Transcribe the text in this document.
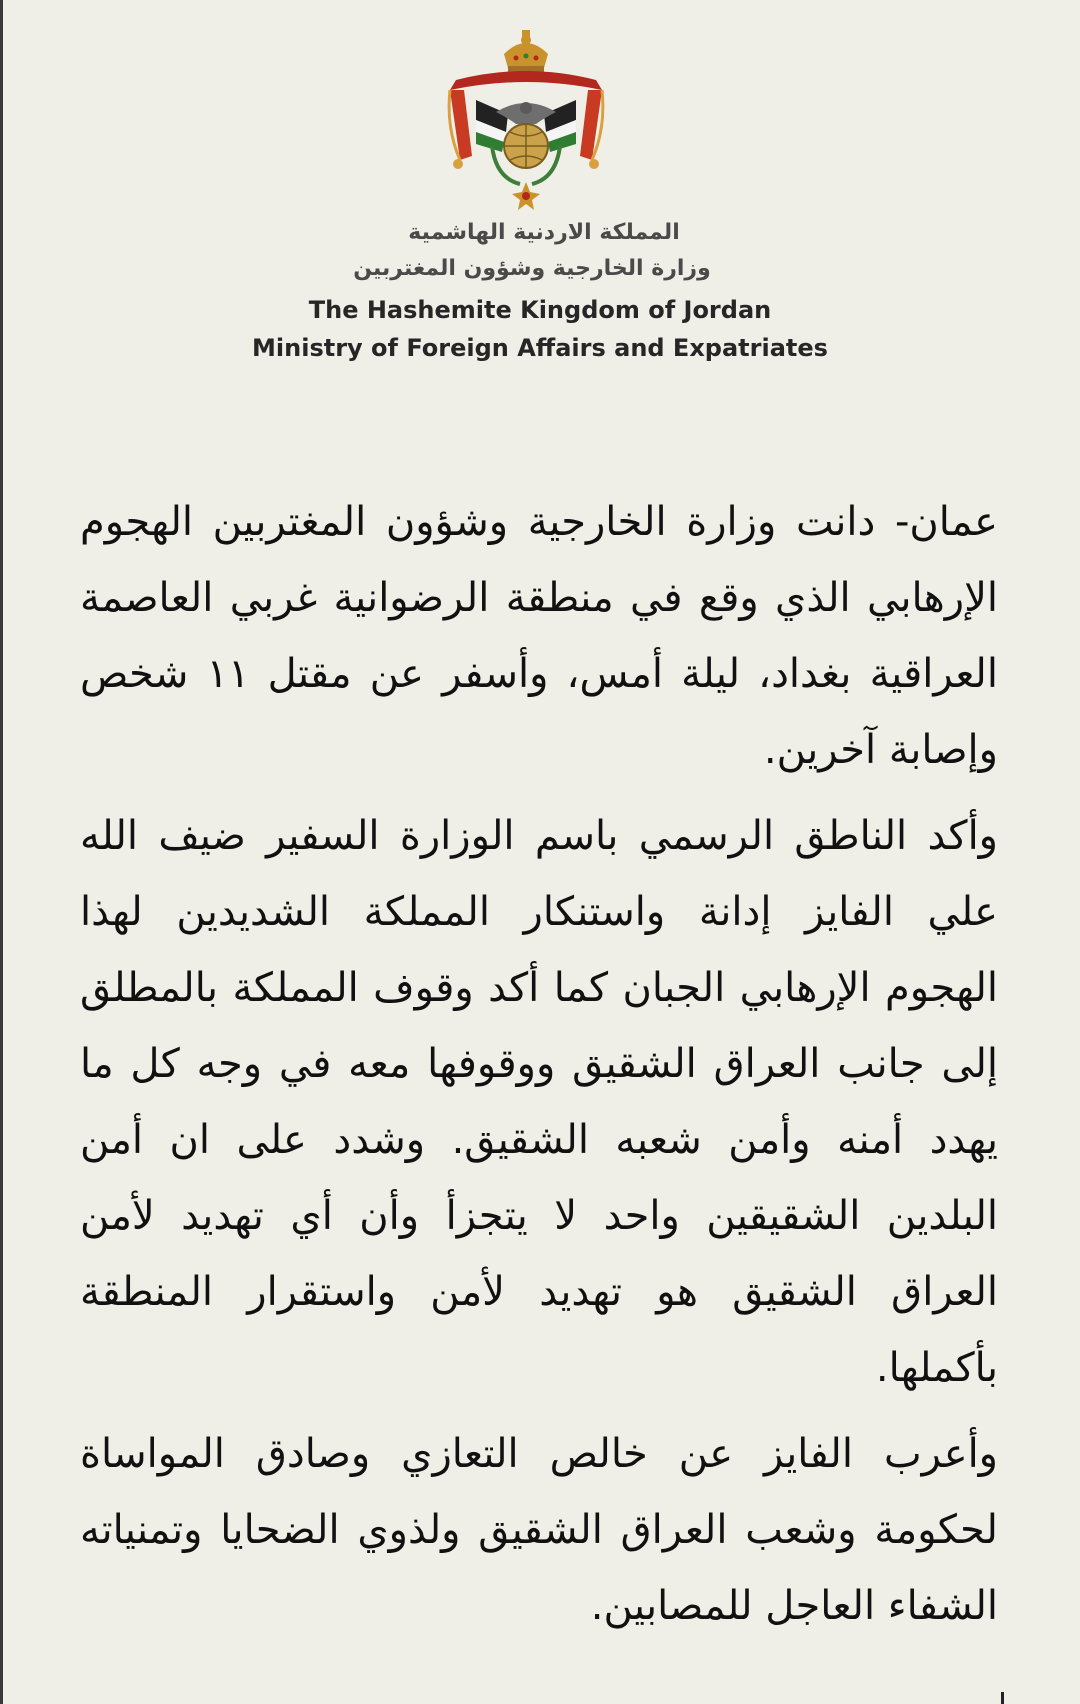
المملكة الاردنية الهاشمية
وزارة الخارجية وشؤون المغتربين
The Hashemite Kingdom of Jordan
Ministry of Foreign Affairs and Expatriates

عمان- دانت وزارة الخارجية وشؤون المغتربين الهجوم الإرهابي الذي وقع في منطقة الرضوانية غربي العاصمة العراقية بغداد، ليلة أمس، وأسفر عن مقتل ١١ شخص وإصابة آخرين.

وأكد الناطق الرسمي باسم الوزارة السفير ضيف الله علي الفايز إدانة واستنكار المملكة الشديدين لهذا الهجوم الإرهابي الجبان كما أكد وقوف المملكة بالمطلق إلى جانب العراق الشقيق ووقوفها معه في وجه كل ما يهدد أمنه وأمن شعبه الشقيق. وشدد على ان أمن البلدين الشقيقين واحد لا يتجزأ وأن أي تهديد لأمن العراق الشقيق هو تهديد لأمن واستقرار المنطقة بأكملها.

وأعرب الفايز عن خالص التعازي وصادق المواساة لحكومة وشعب العراق الشقيق ولذوي الضحايا وتمنياته الشفاء العاجل للمصابين.
